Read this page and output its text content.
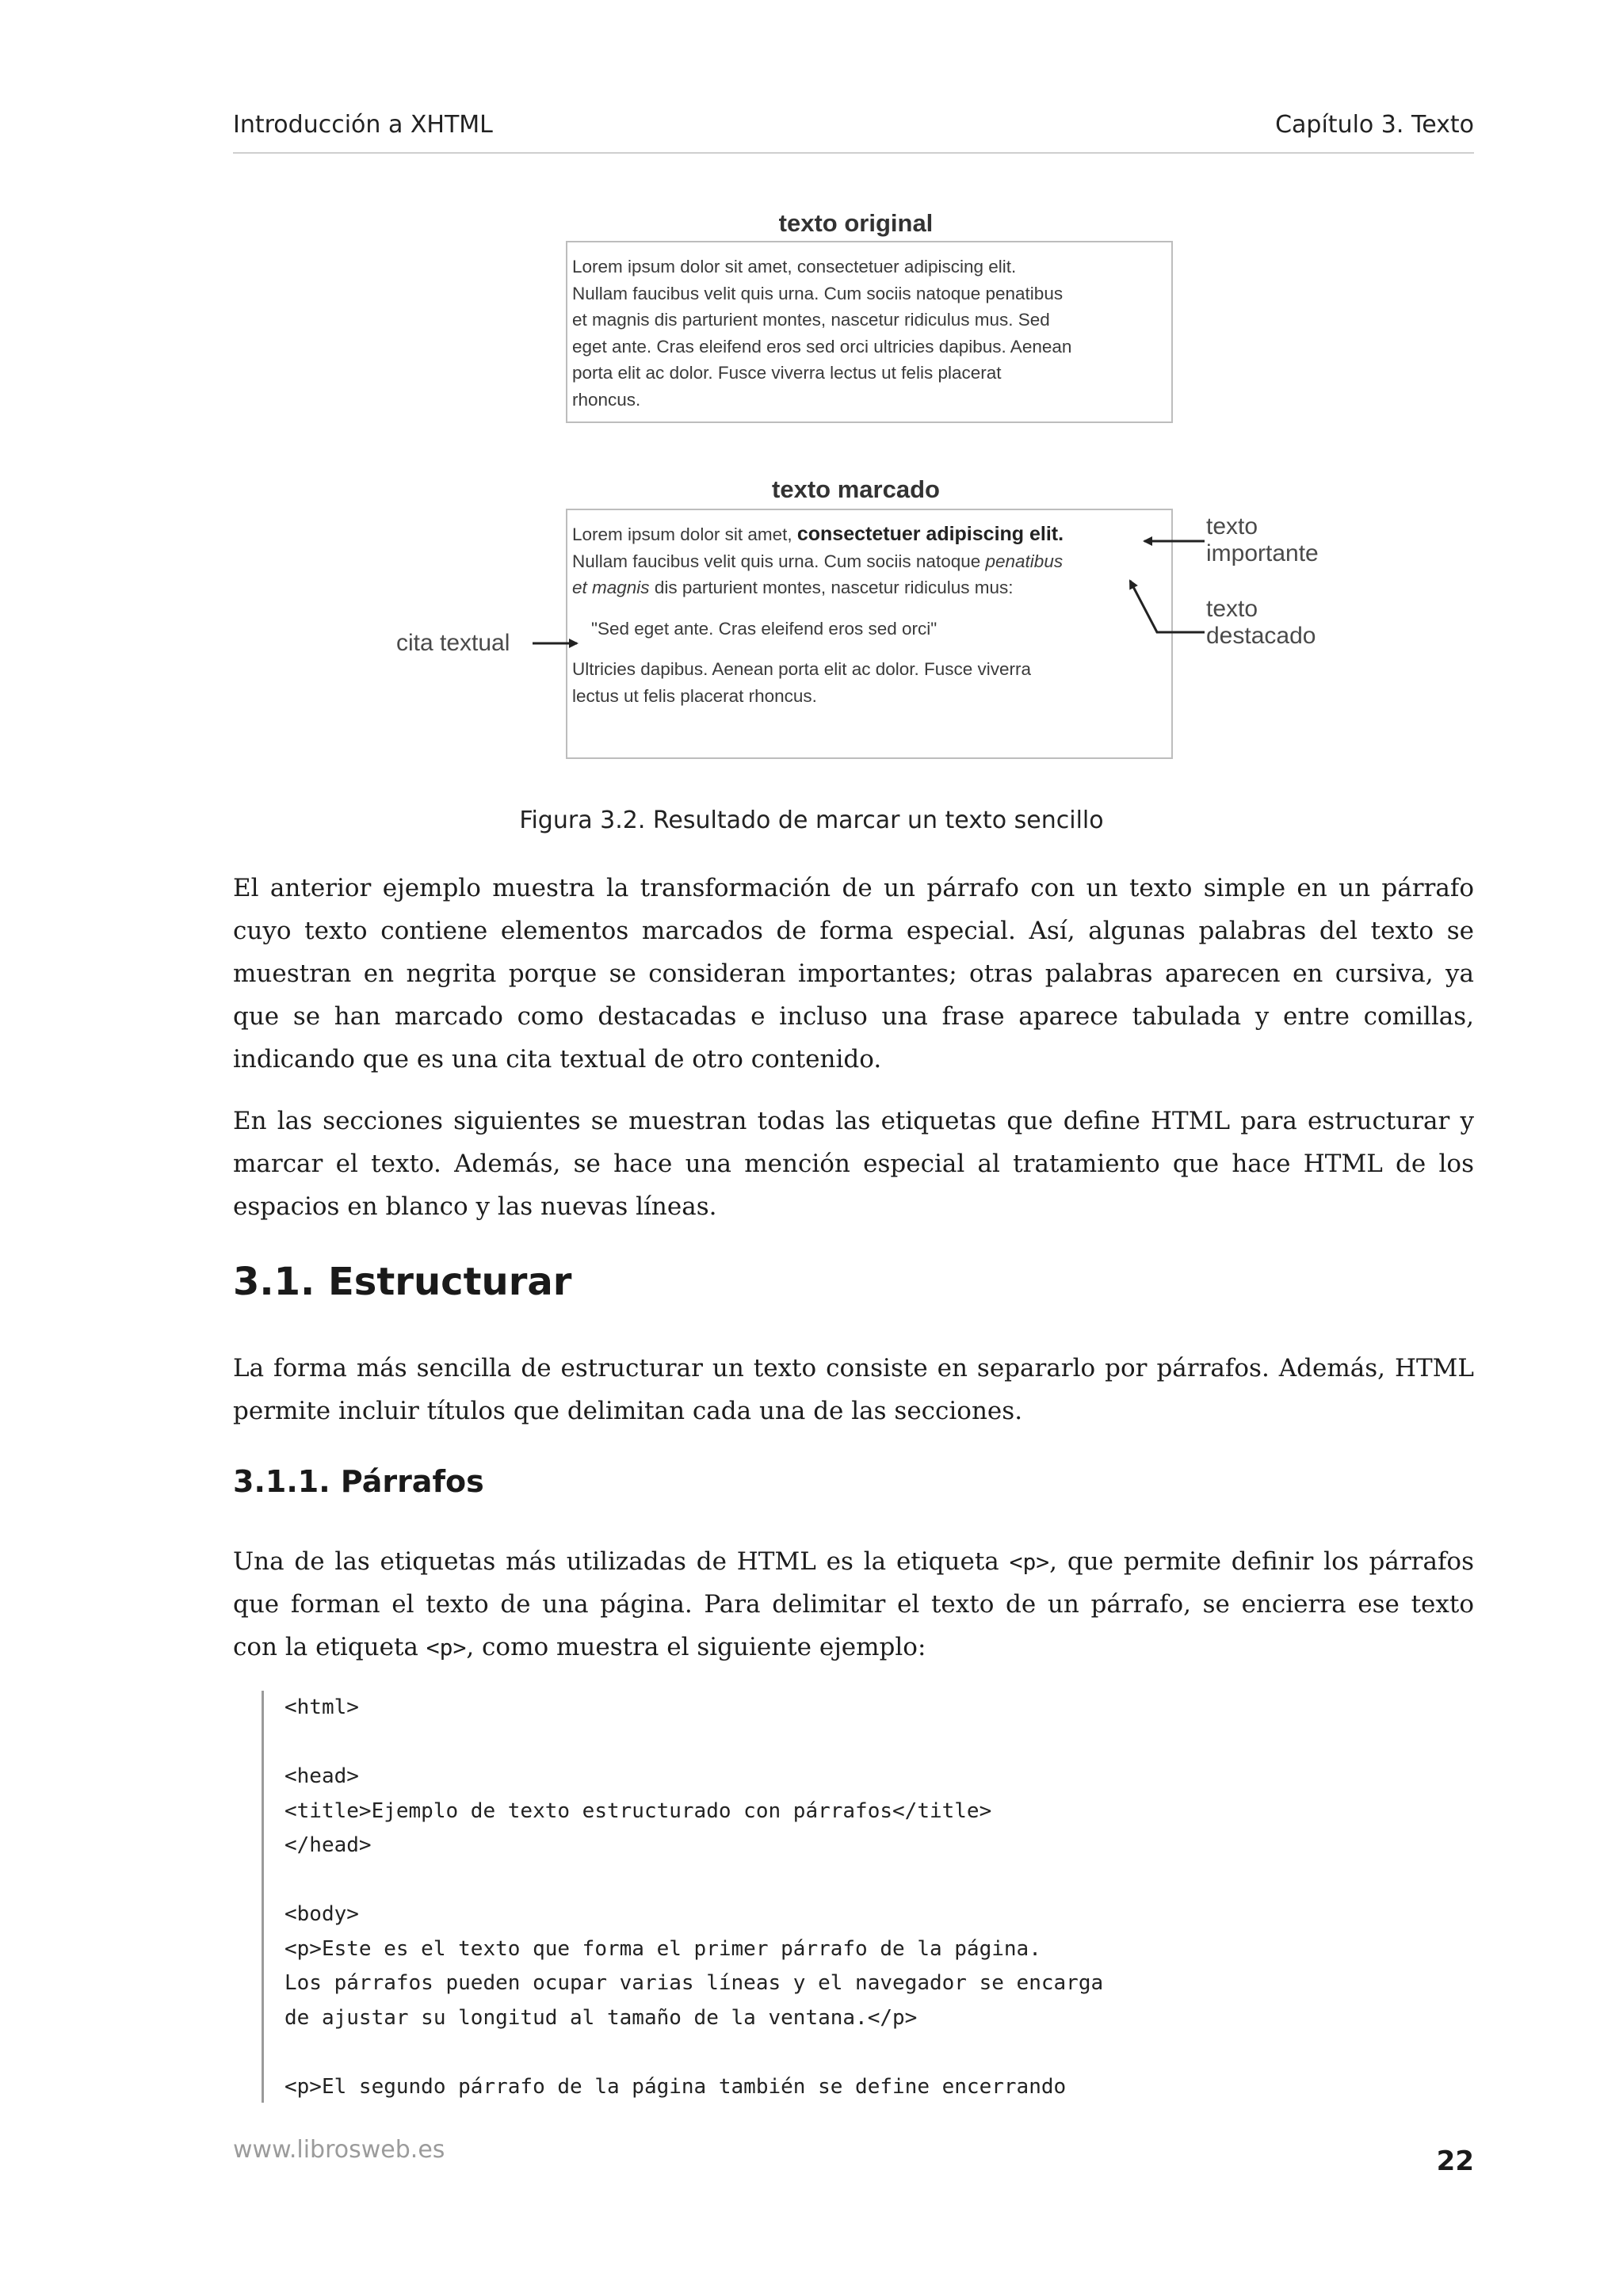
Introducción a XHTML	Capítulo 3. Texto
texto original
Lorem ipsum dolor sit amet, consectetuer adipiscing elit.
Nullam faucibus velit quis urna. Cum sociis natoque penatibus
et magnis dis parturient montes, nascetur ridiculus mus. Sed
eget ante. Cras eleifend eros sed orci ultricies dapibus. Aenean
porta elit ac dolor. Fusce viverra lectus ut felis placerat
rhoncus.
texto marcado
Lorem ipsum dolor sit amet, consectetuer adipiscing elit.
Nullam faucibus velit quis urna. Cum sociis natoque penatibus
et magnis dis parturient montes, nascetur ridiculus mus:
"Sed eget ante. Cras eleifend eros sed orci"
Ultricies dapibus. Aenean porta elit ac dolor. Fusce viverra
lectus ut felis placerat rhoncus.
texto
importante
texto
destacado
cita textual
Figura 3.2. Resultado de marcar un texto sencillo

El anterior ejemplo muestra la transformación de un párrafo con un texto simple en un párrafo
cuyo texto contiene elementos marcados de forma especial. Así, algunas palabras del texto se
muestran en negrita porque se consideran importantes; otras palabras aparecen en cursiva, ya
que se han marcado como destacadas e incluso una frase aparece tabulada y entre comillas,
indicando que es una cita textual de otro contenido.

En las secciones siguientes se muestran todas las etiquetas que define HTML para estructurar y
marcar el texto. Además, se hace una mención especial al tratamiento que hace HTML de los
espacios en blanco y las nuevas líneas.

3.1. Estructurar

La forma más sencilla de estructurar un texto consiste en separarlo por párrafos. Además, HTML
permite incluir títulos que delimitan cada una de las secciones.

3.1.1. Párrafos

Una de las etiquetas más utilizadas de HTML es la etiqueta <p>, que permite definir los párrafos
que forman el texto de una página. Para delimitar el texto de un párrafo, se encierra ese texto
con la etiqueta <p>, como muestra el siguiente ejemplo:

<html>
<head>
<title>Ejemplo de texto estructurado con párrafos</title>
</head>
<body>
<p>Este es el texto que forma el primer párrafo de la página.
Los párrafos pueden ocupar varias líneas y el navegador se encarga
de ajustar su longitud al tamaño de la ventana.</p>
<p>El segundo párrafo de la página también se define encerrando
www.librosweb.es	22
